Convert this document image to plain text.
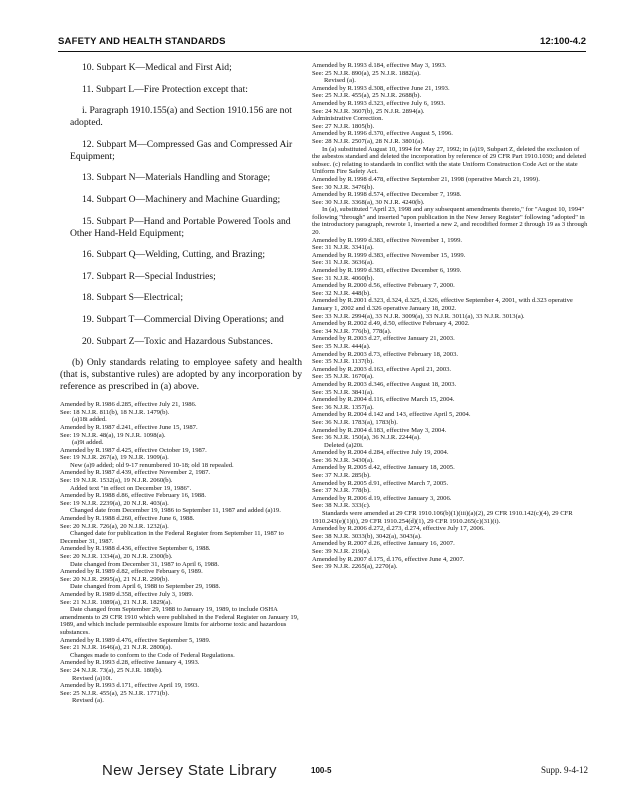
SAFETY AND HEALTH STANDARDS	12:100-4.2

10. Subpart K—Medical and First Aid;

11. Subpart L—Fire Protection except that:

i. Paragraph 1910.155(a) and Section 1910.156 are not adopted.

12. Subpart M—Compressed Gas and Compressed Air Equipment;

13. Subpart N—Materials Handling and Storage;

14. Subpart O—Machinery and Machine Guarding;

15. Subpart P—Hand and Portable Powered Tools and Other Hand-Held Equipment;

16. Subpart Q—Welding, Cutting, and Brazing;

17. Subpart R—Special Industries;

18. Subpart S—Electrical;

19. Subpart T—Commercial Diving Operations; and

20. Subpart Z—Toxic and Hazardous Substances.

(b) Only standards relating to employee safety and health (that is, substantive rules) are adopted by any incorporation by reference as prescribed in (a) above.

Amended by R.1986 d.285, effective July 21, 1986.

See: 18 N.J.R. 811(b), 18 N.J.R. 1479(b).

(a)18i added.

Amended by R.1987 d.241, effective June 15, 1987.

See: 19 N.J.R. 48(a), 19 N.J.R. 1098(a).

(a)9i added.

Amended by R.1987 d.425, effective October 19, 1987.

See: 19 N.J.R. 267(a), 19 N.J.R. 1909(a).

New (a)9 added; old 9-17 renumbered 10-18; old 18 repealed.

Amended by R.1987 d.439, effective November 2, 1987.

See: 19 N.J.R. 1532(a), 19 N.J.R. 2060(b).

Added text "in effect on December 19, 1986".

Amended by R.1988 d.86, effective February 16, 1988.

See: 19 N.J.R. 2239(a), 20 N.J.R. 403(a).

Changed date from December 19, 1986 to September 11, 1987 and added (a)19.

Amended by R.1988 d.260, effective June 6, 1988.

See: 20 N.J.R. 726(a), 20 N.J.R. 1232(a).

Changed date for publication in the Federal Register from September 11, 1987 to December 31, 1987.

Amended by R.1988 d.436, effective September 6, 1988.

See: 20 N.J.R. 1334(a), 20 N.J.R. 2300(b).

Date changed from December 31, 1987 to April 6, 1988.

Amended by R.1989 d.82, effective February 6, 1989.

See: 20 N.J.R. 2995(a), 21 N.J.R. 299(b).

Date changed from April 6, 1988 to September 29, 1988.

Amended by R.1989 d.358, effective July 3, 1989.

See: 21 N.J.R. 1089(a), 21 N.J.R. 1829(a).

Date changed from September 29, 1988 to January 19, 1989, to include OSHA amendments to 29 CFR 1910 which were published in the Federal Register on January 19, 1989, and which include permissible exposure limits for airborne toxic and hazardous substances.

Amended by R.1989 d.476, effective September 5, 1989.

See: 21 N.J.R. 1646(a), 21 N.J.R. 2800(a).

Changes made to conform to the Code of Federal Regulations.

Amended by R.1993 d.28, effective January 4, 1993.

See: 24 N.J.R. 73(a), 25 N.J.R. 180(b).

Revised (a)10i.

Amended by R.1993 d.171, effective April 19, 1993.

See: 25 N.J.R. 455(a), 25 N.J.R. 1771(b).

Revised (a).

Amended by R.1993 d.184, effective May 3, 1993.

See: 25 N.J.R. 890(a), 25 N.J.R. 1882(a).

Revised (a).

Amended by R.1993 d.308, effective June 21, 1993.

See: 25 N.J.R. 455(a), 25 N.J.R. 2688(b).

Amended by R.1993 d.323, effective July 6, 1993.

See: 24 N.J.R. 3607(b), 25 N.J.R. 2894(a).

Administrative Correction.

See: 27 N.J.R. 1805(b).

Amended by R.1996 d.370, effective August 5, 1996.

See: 28 N.J.R. 2507(a), 28 N.J.R. 3801(a).

In (a) substituted August 10, 1994 for May 27, 1992; in (a)19, Subpart Z, deleted the exclusion of the asbestos standard and deleted the incorporation by reference of 29 CFR Part 1910.1030; and deleted subsec. (c) relating to standards in conflict with the state Uniform Construction Code Act or the state Uniform Fire Safety Act.

Amended by R.1998 d.478, effective September 21, 1998 (operative March 21, 1999).

See: 30 N.J.R. 3476(b).

Amended by R.1998 d.574, effective December 7, 1998.

See: 30 N.J.R. 3368(a), 30 N.J.R. 4240(b).

In (a), substituted "April 23, 1998 and any subsequent amendments thereto," for "August 10, 1994" following "through" and inserted "upon publication in the New Jersey Register" following "adopted" in the introductory paragraph, rewrote 1, inserted a new 2, and recodified former 2 through 19 as 3 through 20.

Amended by R.1999 d.383, effective November 1, 1999.

See: 31 N.J.R. 3341(a).

Amended by R.1999 d.383, effective November 15, 1999.

See: 31 N.J.R. 3636(a).

Amended by R.1999 d.383, effective December 6, 1999.

See: 31 N.J.R. 4060(b).

Amended by R.2000 d.56, effective February 7, 2000.

See: 32 N.J.R. 448(b).

Amended by R.2001 d.323, d.324, d.325, d.326, effective September 4, 2001, with d.323 operative January 1, 2002 and d.326 operative January 18, 2002.

See: 33 N.J.R. 2994(a), 33 N.J.R. 3009(a), 33 N.J.R. 3011(a), 33 N.J.R. 3013(a).

Amended by R.2002 d.49, d.50, effective February 4, 2002.

See: 34 N.J.R. 776(b), 778(a).

Amended by R.2003 d.27, effective January 21, 2003.

See: 35 N.J.R. 444(a).

Amended by R.2003 d.73, effective February 18, 2003.

See: 35 N.J.R. 1137(b).

Amended by R.2003 d.163, effective April 21, 2003.

See: 35 N.J.R. 1670(a).

Amended by R.2003 d.346, effective August 18, 2003.

See: 35 N.J.R. 3841(a).

Amended by R.2004 d.116, effective March 15, 2004.

See: 36 N.J.R. 1357(a).

Amended by R.2004 d.142 and 143, effective April 5, 2004.

See: 36 N.J.R. 1783(a), 1783(b).

Amended by R.2004 d.183, effective May 3, 2004.

See: 36 N.J.R. 150(a), 36 N.J.R. 2244(a).

Deleted (a)20i.

Amended by R.2004 d.284, effective July 19, 2004.

See: 36 N.J.R. 3430(a).

Amended by R.2005 d.42, effective January 18, 2005.

See: 37 N.J.R. 285(b).

Amended by R.2005 d.91, effective March 7, 2005.

See: 37 N.J.R. 778(b).

Amended by R.2006 d.19, effective January 3, 2006.

See: 38 N.J.R. 333(c).

Standards were amended at 29 CFR 1910.106(b)(1)(iii)(a)(2), 29 CFR 1910.142(c)(4), 29 CFR 1910.243(e)(1)(i), 29 CFR 1910.254(d)(1), 29 CFR 1910.265(c)(31)(i).

Amended by R.2006 d.272, d.273, d.274, effective July 17, 2006.

See: 38 N.J.R. 3033(b), 3042(a), 3043(a).

Amended by R.2007 d.26, effective January 16, 2007.

See: 39 N.J.R. 219(a).

Amended by R.2007 d.175, d.176, effective June 4, 2007.

See: 39 N.J.R. 2265(a), 2270(a).

New Jersey State Library	100-5	Supp. 9-4-12
